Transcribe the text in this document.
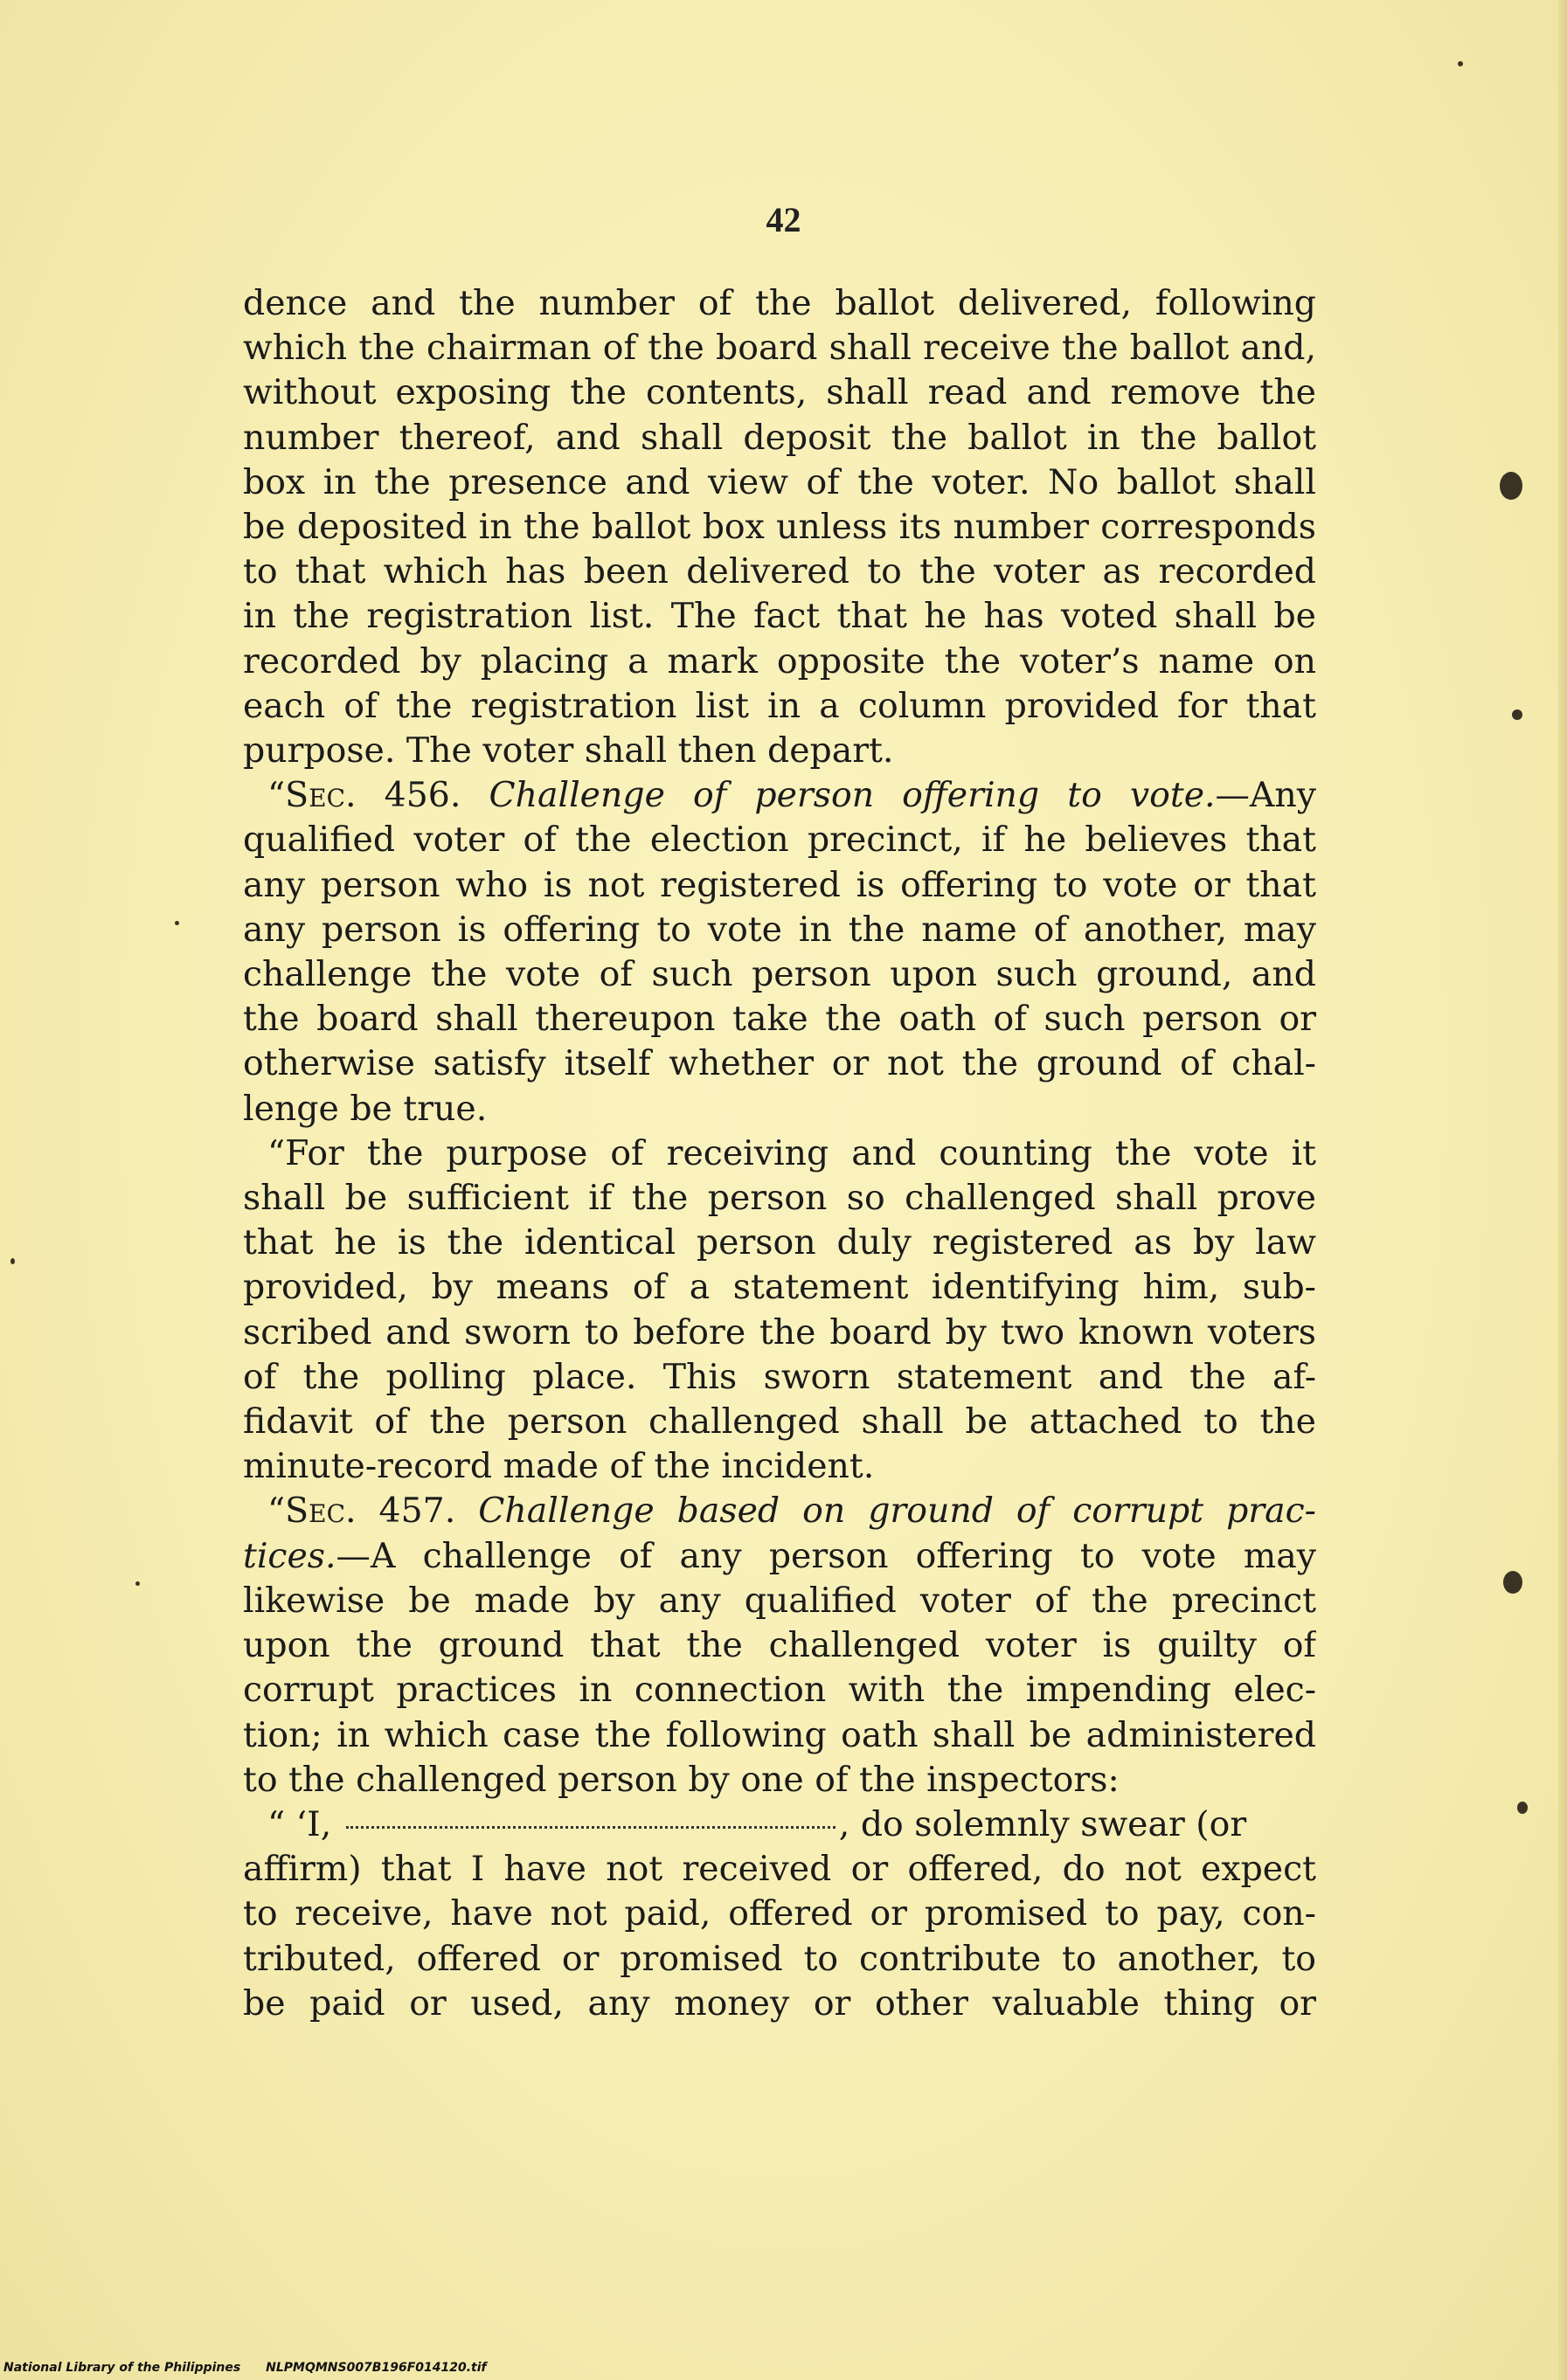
42
dence and the number of the ballot delivered, following
which the chairman of the board shall receive the ballot and,
without exposing the contents, shall read and remove the
number thereof, and shall deposit the ballot in the ballot
box in the presence and view of the voter. No ballot shall
be deposited in the ballot box unless its number corresponds
to that which has been delivered to the voter as recorded
in the registration list. The fact that he has voted shall be
recorded by placing a mark opposite the voter’s name on
each of the registration list in a column provided for that
purpose. The voter shall then depart.
“Sec. 456. Challenge of person offering to vote.—Any
qualified voter of the election precinct, if he believes that
any person who is not registered is offering to vote or that
any person is offering to vote in the name of another, may
challenge the vote of such person upon such ground, and
the board shall thereupon take the oath of such person or
otherwise satisfy itself whether or not the ground of chal-
lenge be true.
“For the purpose of receiving and counting the vote it
shall be sufficient if the person so challenged shall prove
that he is the identical person duly registered as by law
provided, by means of a statement identifying him, sub-
scribed and sworn to before the board by two known voters
of the polling place. This sworn statement and the af-
fidavit of the person challenged shall be attached to the
minute-record made of the incident.
“Sec. 457. Challenge based on ground of corrupt prac-
tices.—A challenge of any person offering to vote may
likewise be made by any qualified voter of the precinct
upon the ground that the challenged voter is guilty of
corrupt practices in connection with the impending elec-
tion; in which case the following oath shall be administered
to the challenged person by one of the inspectors:
“ ‘I,	, do solemnly swear (or
affirm) that I have not received or offered, do not expect
to receive, have not paid, offered or promised to pay, con-
tributed, offered or promised to contribute to another, to
be paid or used, any money or other valuable thing or
National Library of the Philippines NLPMQMNS007B196F014120.tif
